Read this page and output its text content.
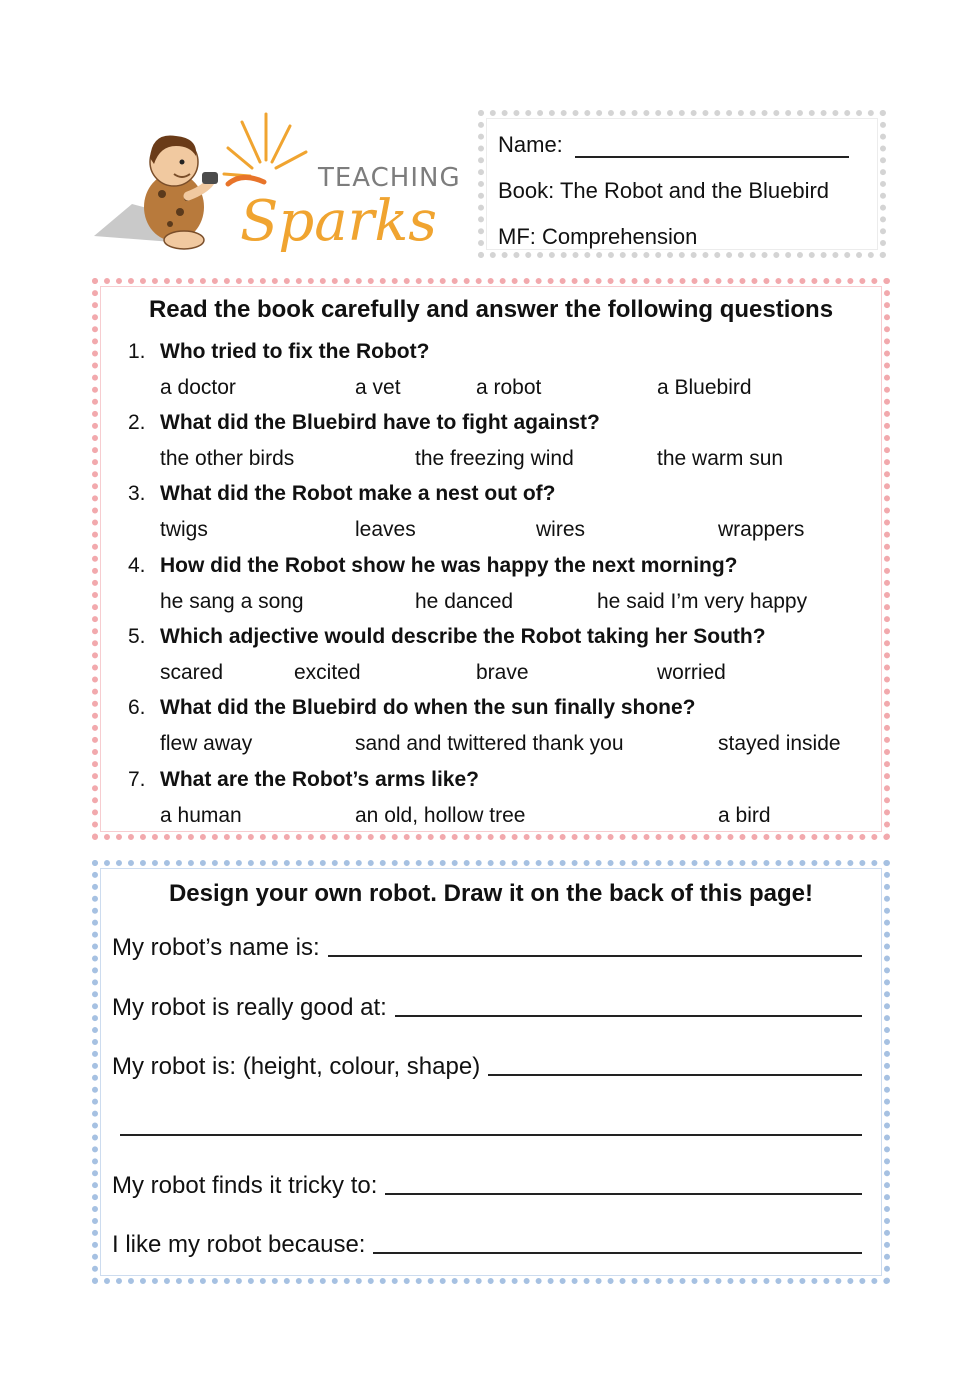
TEACHING
Sparks
Name:
Book: The Robot and the Bluebird
MF: Comprehension
Read the book carefully and answer the following questions
1. Who tried to fix the Robot?
a doctor	a vet	a robot	a Bluebird
2. What did the Bluebird have to fight against?
the other birds	the freezing wind	the warm sun
3. What did the Robot make a nest out of?
twigs	leaves	wires	wrappers
4. How did the Robot show he was happy the next morning?
he sang a song	he danced	he said I’m very happy
5. Which adjective would describe the Robot taking her South?
scared	excited	brave	worried
6. What did the Bluebird do when the sun finally shone?
flew away	sand and twittered thank you	stayed inside
7. What are the Robot’s arms like?
a human	an old, hollow tree	a bird
Design your own robot. Draw it on the back of this page!
My robot’s name is:
My robot is really good at:
My robot is: (height, colour, shape)
My robot finds it tricky to:
I like my robot because:
